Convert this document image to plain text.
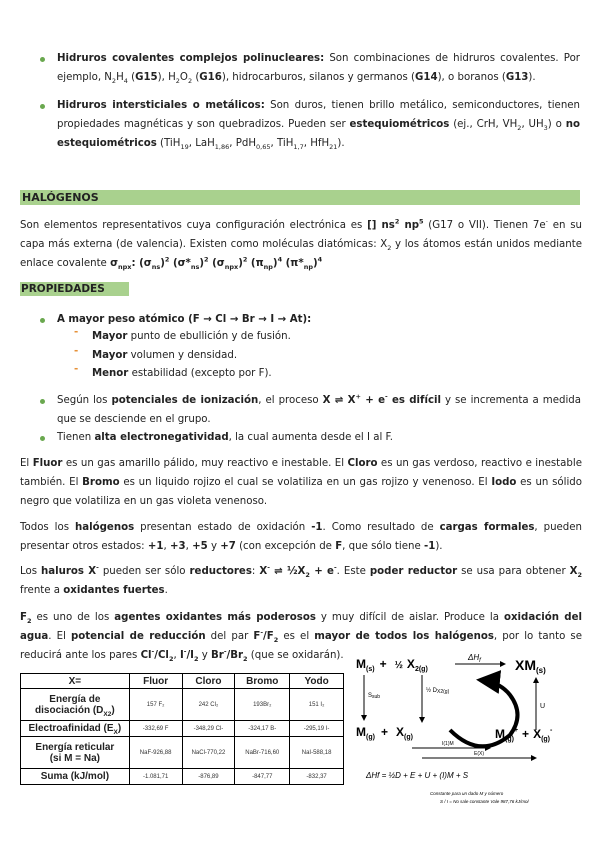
Hidruros covalentes complejos polinucleares: Son combinaciones de hidruros covalentes. Por ejemplo, $N_2H_4$ (G15), $H_2O_2$ (G16), hidrocarburos, silanos y germanos (G14), o boranos (G13).
Hidruros intersticiales o metálicos: Son duros, tienen brillo metálico, semiconductores, tienen propiedades magnéticas y son quebradizos. Pueden ser estequiométricos (ej., CrH, $VH_2$, $UH_3$) o no estequiométricos (TiH$_{19}$, LaH$_{1,86}$, PdH$_{0,65}$, TiH$_{1,7}$, HfH$_{21}$).
HALÓGENOS
Son elementos representativos cuya configuración electrónica es [] $ns^2$ $np^5$ (G17 o VII). Tienen 7e- en su capa más externa (de valencia). Existen como moléculas diatómicas: $X_2$ y los átomos están unidos mediante enlace covalente $\sigma_{npx}$: $(\sigma_{ns})^2$ $(\sigma*_{ns})^2$ $(\sigma_{npx})^2$ $(\pi_{np})^4$ $(\pi*_{np})^4$
PROPIEDADES
A mayor peso atómico (F → Cl → Br → I → At):
- Mayor punto de ebullición y de fusión.
- Mayor volumen y densidad.
- Menor estabilidad (excepto por F).
Según los potenciales de ionización, el proceso X ⇌ X+ + e- es difícil y se incrementa a medida que se desciende en el grupo.
Tienen alta electronegatividad, la cual aumenta desde el I al F.
El Fluor es un gas amarillo pálido, muy reactivo e inestable. El Cloro es un gas verdoso, reactivo e inestable también. El Bromo es un liquido rojizo el cual se volatiliza en un gas rojizo y venenoso. El Iodo es un sólido negro que volatiliza en un gas violeta venenoso.
Todos los halógenos presentan estado de oxidación -1. Como resultado de cargas formales, pueden presentar otros estados: +1, +3, +5 y +7 (con excepción de F, que sólo tiene -1).
Los haluros X- pueden ser sólo reductores: X- ⇌ $\frac{1}{2}X_2 + e^-$. Este poder reductor se usa para obtener $X_2$ frente a oxidantes fuertes.
$F_2$ es uno de los agentes oxidantes más poderosos y muy difícil de aislar. Produce la oxidación del agua. El potencial de reducción del par $F^-/F_2$ es el mayor de todos los halógenos, por lo tanto se reducirá ante los pares $Cl^-/Cl_2$, $I^-/I_2$ y $Br^-/Br_2$ (que se oxidarán).
X=	Fluor	Cloro	Bromo	Yodo
Energía de
disociación $(D_{X2})$	157 F₂	242 Cl₂	193Br₂	151 I₂
Electroafinidad $(E_X)$	-332,69 F	-348,29 Cl-	-324,17 B-	-295,19 I-
Energía reticular
(si M = Na)	NaF-926,88	NaCl-770,22	NaBr-716,60	NaI-588,18
Suma (kJ/mol)	-1.081,71	-876,89	-847,77	-832,37
$M_{(s)}$ + ½ $X_{2(g)}$
$\Delta H_f$ $XM_{(s)}$
Ssub
½ DX2(g)
U
$M_{(g)} + X_{(g)}$	$M_{(g)}^+ + X_{(g)}^-$
I(1)M
E(X)
ΔHf = ½D + E + U + (I)M + S
Constante para un dado M y número
S / I = No sale constante Vale 987,76 kJ/mol
